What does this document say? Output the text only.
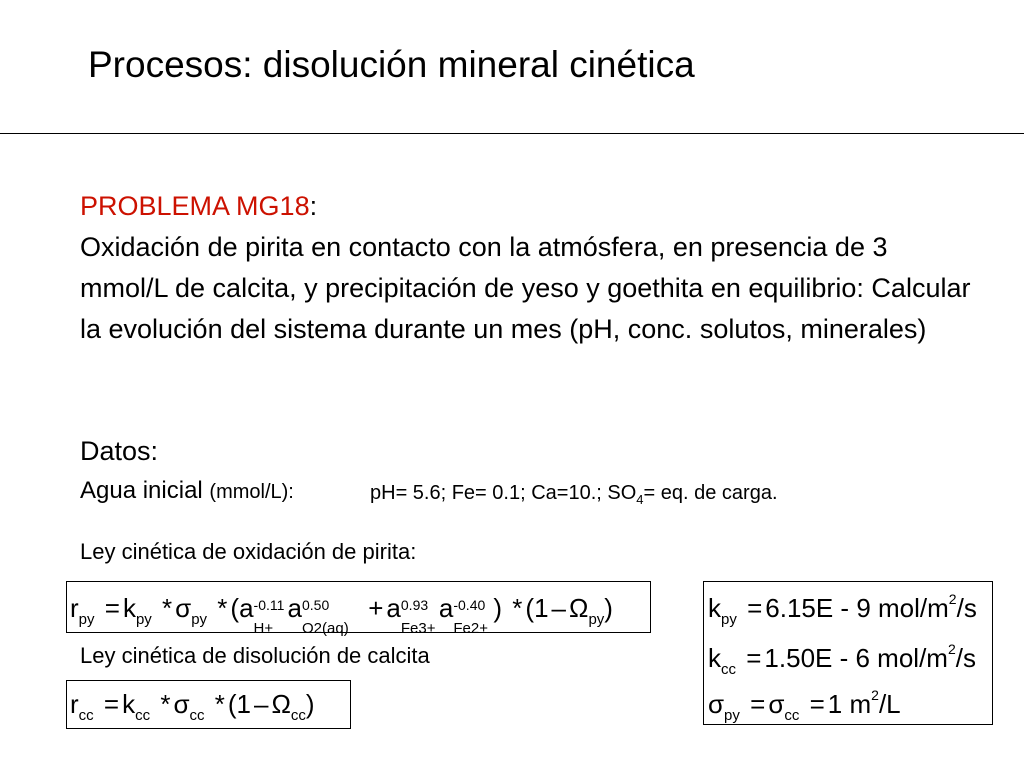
Procesos: disolución mineral cinética
PROBLEMA MG18:
Oxidación de pirita en contacto con la atmósfera, en presencia de 3 mmol/L de calcita, y precipitación de yeso y goethita en equilibrio: Calcular la evolución del sistema durante un mes (pH, conc. solutos, minerales)
Datos:
Agua inicial (mmol/L):	pH= 5.6; Fe= 0.1; Ca=10.; $SO_4=$ eq. de carga.
Ley cinética de oxidación de pirita:
$r_{py} = k_{py} * \sigma_{py} * (a$ -0.11
H+
a 0.50
O2(aq)
+ a 0.93
Fe3+
a -0.40
Fe2+
) * $(1 - \Omega_{py})$
Ley cinética de disolución de calcita
$r_{cc} = k_{cc} * \sigma_{cc} * (1 - \Omega_{cc})$
$k_{py} = 6.15E - 9$ mol/$m^2/s$
$k_{cc} = 1.50E - 6$ mol/$m^2/s$
$\sigma_{py} = \sigma_{cc} = 1$ $m^2/L$
